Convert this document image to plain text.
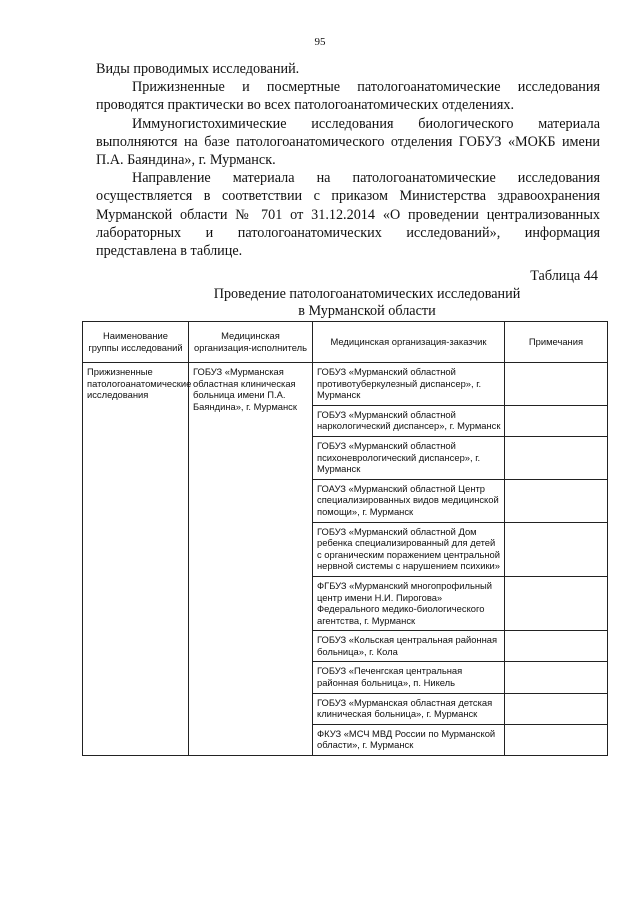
95

Виды проводимых исследований.

Прижизненные и посмертные патологоанатомические исследования проводятся практически во всех патологоанатомических отделениях.

Иммуногистохимические исследования биологического материала выполняются на базе патологоанатомического отделения ГОБУЗ «МОКБ имени П.А. Баяндина», г. Мурманск.

Направление материала на патологоанатомические исследования осуществляется в соответствии с приказом Министерства здравоохранения Мурманской области № 701 от 31.12.2014 «О проведении централизованных лабораторных и патологоанатомических исследований», информация представлена в таблице.

Таблица 44
Проведение патологоанатомических исследований
в Мурманской области
Наименование группы исследований	Медицинская организация-исполнитель	Медицинская организация-заказчик	Примечания
Прижизненные патологоанатомические исследования	ГОБУЗ «Мурманская областная клиническая больница имени П.А. Баяндина», г. Мурманск	ГОБУЗ «Мурманский областной противотуберкулезный диспансер», г. Мурманск	
		ГОБУЗ «Мурманский областной наркологический диспансер», г. Мурманск	
		ГОБУЗ «Мурманский областной психоневрологический диспансер», г. Мурманск	
		ГОАУЗ «Мурманский областной Центр специализированных видов медицинской помощи», г. Мурманск	
		ГОБУЗ «Мурманский областной Дом ребенка специализированный для детей с органическим поражением центральной нервной системы с нарушением психики»	
		ФГБУЗ «Мурманский многопрофильный центр имени Н.И. Пирогова» Федерального медико-биологического агентства, г. Мурманск	
		ГОБУЗ «Кольская центральная районная больница», г. Кола	
		ГОБУЗ «Печенгская центральная районная больница», п. Никель	
		ГОБУЗ «Мурманская областная детская клиническая больница», г. Мурманск	
		ФКУЗ «МСЧ МВД России по Мурманской области», г. Мурманск	
